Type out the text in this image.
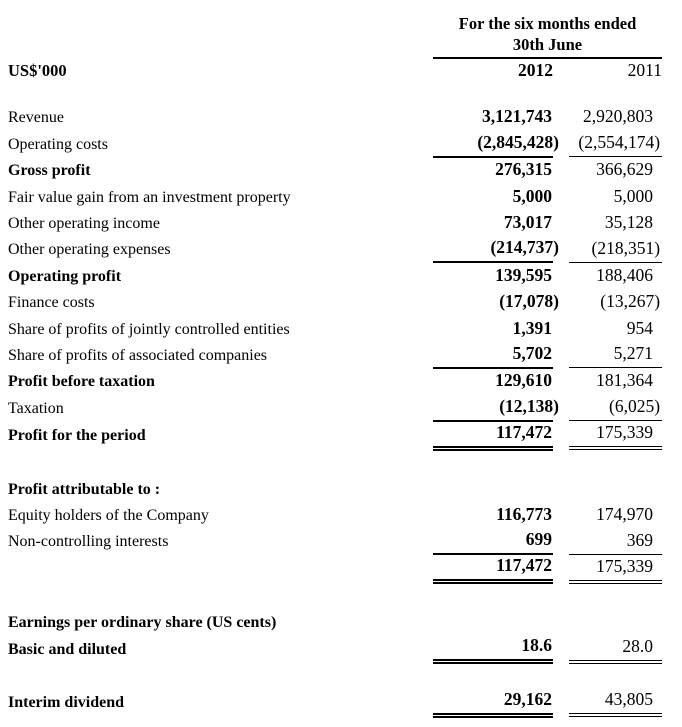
	For the six months ended
30th June		

US$'000	2012		2011

Revenue	3,121,743		2,920,803
Operating costs	(2,845,428)		(2,554,174)
Gross profit	276,315		366,629
Fair value gain from an investment property	5,000		5,000
Other operating income	73,017		35,128
Other operating expenses	(214,737)		(218,351)
Operating profit	139,595		188,406
Finance costs	(17,078)		(13,267)
Share of profits of jointly controlled entities	1,391		954
Share of profits of associated companies	5,702		5,271
Profit before taxation	129,610		181,364
Taxation	(12,138)		(6,025)
Profit for the period	117,472		175,339

Profit attributable to :			
Equity holders of the Company	116,773		174,970
Non-controlling interests	699		369
	117,472		175,339

Earnings per ordinary share (US cents)			
Basic and diluted	18.6		28.0

Interim dividend	29,162		43,805
